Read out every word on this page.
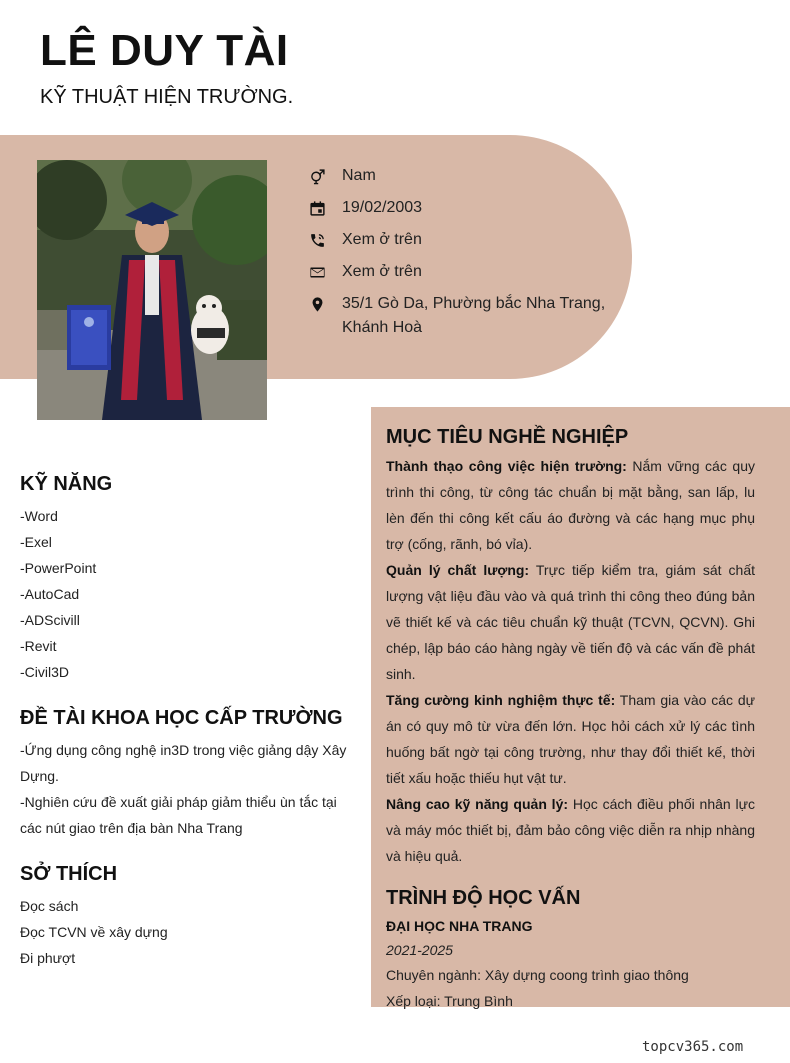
LÊ DUY TÀI
KỸ THUẬT HIỆN TRƯỜNG.
Nam
19/02/2003
Xem ở trên
Xem ở trên
35/1 Gò Da, Phường bắc Nha Trang, Khánh Hoà
KỸ NĂNG
-Word
-Exel
-PowerPoint
-AutoCad
-ADScivill
-Revit
-Civil3D
ĐỀ TÀI KHOA HỌC CẤP TRƯỜNG
-Ứng dụng công nghệ in3D trong việc giảng dậy Xây Dựng.
-Nghiên cứu đề xuất giải pháp giảm thiểu ùn tắc tại các nút giao trên địa bàn Nha Trang
SỞ THÍCH
Đọc sách
Đọc TCVN về xây dựng
Đi phượt
MỤC TIÊU NGHỀ NGHIỆP

Thành thạo công việc hiện trường: Nắm vững các quy trình thi công, từ công tác chuẩn bị mặt bằng, san lấp, lu lèn đến thi công kết cấu áo đường và các hạng mục phụ trợ (cống, rãnh, bó vỉa).

Quản lý chất lượng: Trực tiếp kiểm tra, giám sát chất lượng vật liệu đầu vào và quá trình thi công theo đúng bản vẽ thiết kế và các tiêu chuẩn kỹ thuật (TCVN, QCVN). Ghi chép, lập báo cáo hàng ngày về tiến độ và các vấn đề phát sinh.

Tăng cường kinh nghiệm thực tế: Tham gia vào các dự án có quy mô từ vừa đến lớn. Học hỏi cách xử lý các tình huống bất ngờ tại công trường, như thay đổi thiết kế, thời tiết xấu hoặc thiếu hụt vật tư.

Nâng cao kỹ năng quản lý: Học cách điều phối nhân lực và máy móc thiết bị, đảm bảo công việc diễn ra nhịp nhàng và hiệu quả.

TRÌNH ĐỘ HỌC VẤN
ĐẠI HỌC NHA TRANG
2021-2025
Chuyên ngành: Xây dựng coong trình giao thông
Xếp loại: Trung Bình
topcv365.com
